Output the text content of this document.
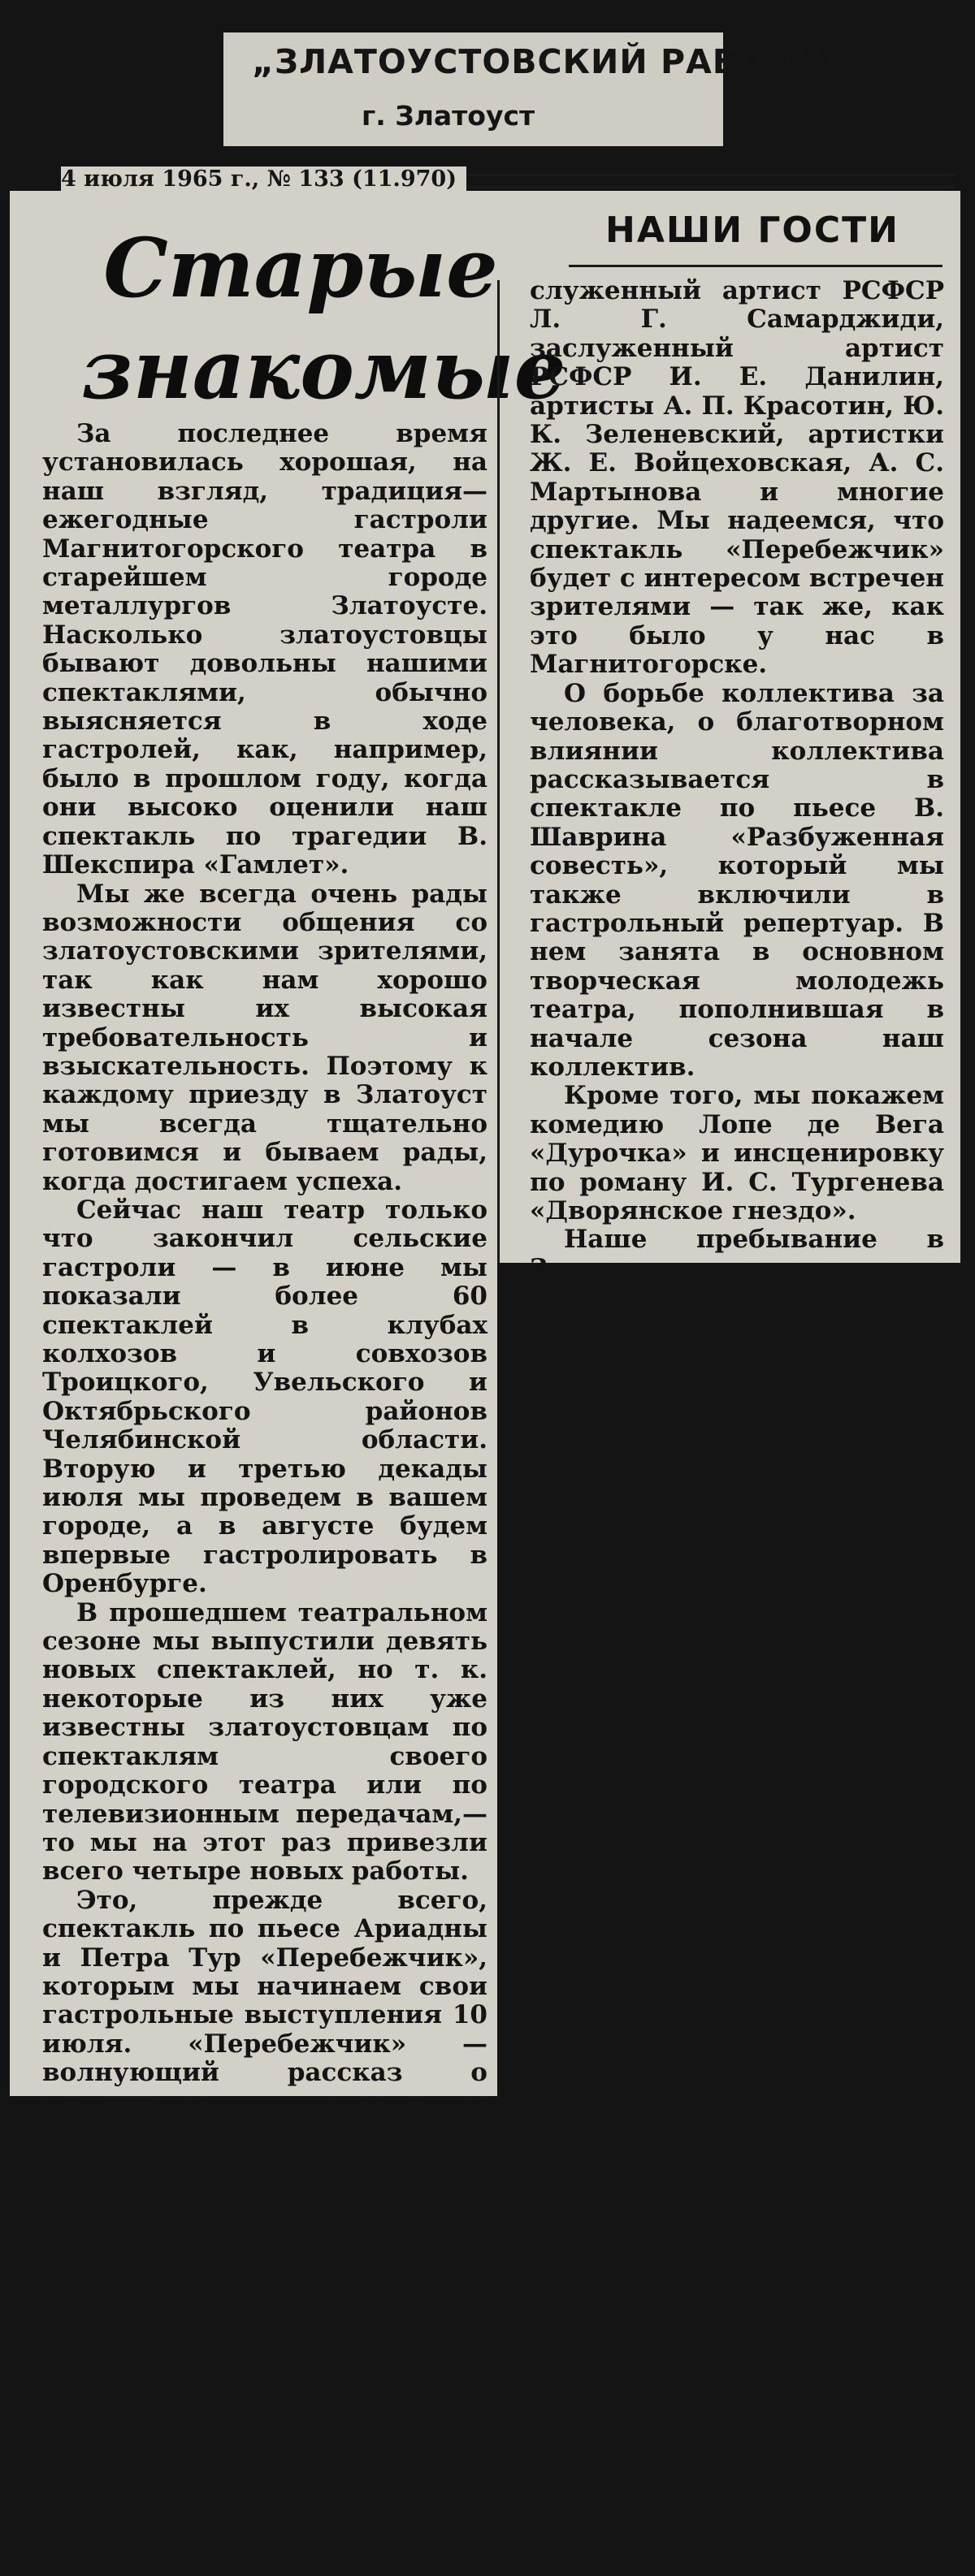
„ЗЛАТОУСТОВСКИЙ РАБОЧИЙ
г. Златоуст
4 июля 1965 г., № 133 (11.970)
НАШИ ГОСТИ
Старые знакомые

За последнее время установилась хорошая, на наш взгляд, традиция—ежегодные гастроли Магнитогорского театра в старейшем городе металлургов Златоусте. Насколько златоустовцы бывают довольны нашими спектаклями, обычно выясняется в ходе гастролей, как, например, было в прошлом году, когда они высоко оценили наш спектакль по трагедии В. Шекспира «Гамлет».

Мы же всегда очень рады возможности общения со златоустовскими зрителями, так как нам хорошо известны их высокая требовательность и взыскательность. Поэтому к каждому приезду в Златоуст мы всегда тщательно готовимся и бываем рады, когда достигаем успеха.

Сейчас наш театр только что закончил сельские гастроли — в июне мы показали более 60 спектаклей в клубах колхозов и совхозов Троицкого, Увельского и Октябрьского районов Челябинской области. Вторую и третью декады июля мы проведем в вашем городе, а в августе будем впервые гастролировать в Оренбурге.

В прошедшем театральном сезоне мы выпустили девять новых спектаклей, но т. к. некоторые из них уже известны златоустовцам по спектаклям своего городского театра или по телевизионным передачам,—то мы на этот раз привезли всего четыре новых работы.

Это, прежде всего, спектакль по пьесе Ариадны и Петра Тур «Перебежчик», которым мы начинаем свои гастрольные выступления 10 июля. «Перебежчик» — волнующий рассказ о высоком интернациональном долге, который выполнила наша героическая армия в годы Великой Отечественной войны, о том, как ненавистна война всем честным людям мира, как тяготились передовые люди Германии обрушившимся на них позором—фашизмом.

Роль перебежчика — немецкого штабного офицера играет известный златоустовцам по исполнению роли Гамлета артист В. И. Морозов. В спектакле заняты также за-

служенный артист РСФСР Л. Г. Самарджиди, заслуженный артист РСФСР И. Е. Данилин, артисты А. П. Красотин, Ю. К. Зеленевский, артистки Ж. Е. Войцеховская, А. С. Мартынова и многие другие. Мы надеемся, что спектакль «Перебежчик» будет с интересом встречен зрителями — так же, как это было у нас в Магнитогорске.

О борьбе коллектива за человека, о благотворном влиянии коллектива рассказывается в спектакле по пьесе В. Шаврина «Разбуженная совесть», который мы также включили в гастрольный репертуар. В нем занята в основном творческая молодежь театра, пополнившая в начале сезона наш коллектив.

Кроме того, мы покажем комедию Лопе де Вега «Дурочка» и инсценировку по роману И. С. Тургенева «Дворянское гнездо».

Наше пребывание в Златоусте на этот раз кратковременно, и нам очень хочется, чтобы оно прошло на высоком творческом и художественном уровне, при большой активности зрителей.

Будем надеяться, что так и будет.

А. ЯРСКИЙ,
директор Магнитогорского драматического театра им. А. С. Пушкина.
